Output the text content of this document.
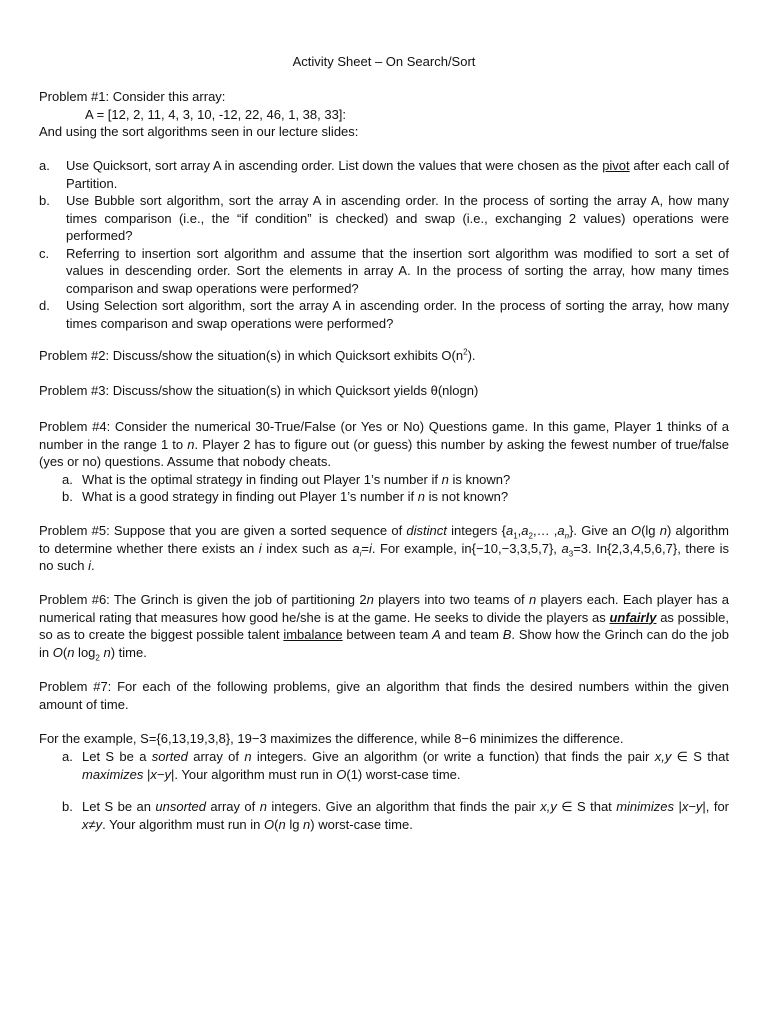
Activity Sheet – On Search/Sort
Problem #1: Consider this array:
A = [12, 2, 11, 4, 3, 10, -12, 22, 46, 1, 38, 33]:
And using the sort algorithms seen in our lecture slides:
a.	Use Quicksort, sort array A in ascending order. List down the values that were chosen as the pivot after each call of Partition.
b.	Use Bubble sort algorithm, sort the array A in ascending order. In the process of sorting the array A, how many times comparison (i.e., the “if condition” is checked) and swap (i.e., exchanging 2 values) operations were performed?
c.	Referring to insertion sort algorithm and assume that the insertion sort algorithm was modified to sort a set of values in descending order. Sort the elements in array A. In the process of sorting the array, how many times comparison and swap operations were performed?
d.	Using Selection sort algorithm, sort the array A in ascending order. In the process of sorting the array, how many times comparison and swap operations were performed?
Problem #2: Discuss/show the situation(s) in which Quicksort exhibits $O(n^2)$.
Problem #3: Discuss/show the situation(s) in which Quicksort yields θ(nlogn)
Problem #4: Consider the numerical 30-True/False (or Yes or No) Questions game. In this game, Player 1 thinks of a number in the range 1 to n. Player 2 has to figure out (or guess) this number by asking the fewest number of true/false (yes or no) questions. Assume that nobody cheats.
a. What is the optimal strategy in finding out Player 1’s number if n is known?
b. What is a good strategy in finding out Player 1’s number if n is not known?
Problem #5: Suppose that you are given a sorted sequence of distinct integers {$a_1,a_2,\dots$ $,a_n$}. Give an O(lg n) algorithm to determine whether there exists an i index such as $a_i=i$. For example, in{−10,−3,3,5,7}, $a_3=3$. In{2,3,4,5,6,7}, there is no such i.
Problem #6: The Grinch is given the job of partitioning 2n players into two teams of n players each. Each player has a numerical rating that measures how good he/she is at the game. He seeks to divide the players as unfairly as possible, so as to create the biggest possible talent imbalance between team A and team B. Show how the Grinch can do the job in O(n $\log_2 n$) time.
Problem #7: For each of the following problems, give an algorithm that finds the desired numbers within the given amount of time.
For the example, S={6,13,19,3,8}, 19−3 maximizes the difference, while 8−6 minimizes the difference.
a. Let S be a sorted array of n integers. Give an algorithm (or write a function) that finds the pair x,y ∈ S that maximizes |x−y|. Your algorithm must run in O(1) worst-case time.
b. Let S be an unsorted array of n integers. Give an algorithm that finds the pair x,y ∈ S that minimizes |x−y|, for x≠y. Your algorithm must run in O(n lg n) worst-case time.
